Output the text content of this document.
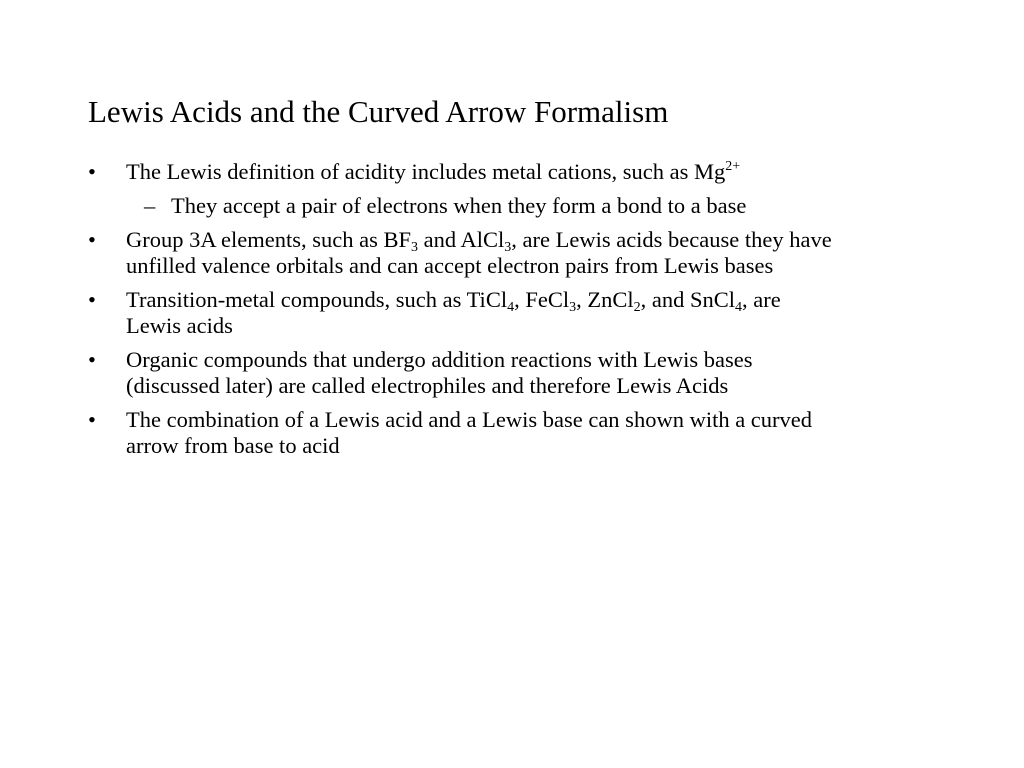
Lewis Acids and the Curved Arrow Formalism
• The Lewis definition of acidity includes metal cations, such as $Mg^{2+}$
– They accept a pair of electrons when they form a bond to a base
• Group 3A elements, such as $BF_3$ and AlCl$_3$, are Lewis acids because they have
unfilled valence orbitals and can accept electron pairs from Lewis bases
• Transition-metal compounds, such as TiCl$_4$, FeCl$_3$, ZnCl$_2$, and SnCl$_4$, are
Lewis acids
• Organic compounds that undergo addition reactions with Lewis bases
(discussed later) are called electrophiles and therefore Lewis Acids
• The combination of a Lewis acid and a Lewis base can shown with a curved
arrow from base to acid
